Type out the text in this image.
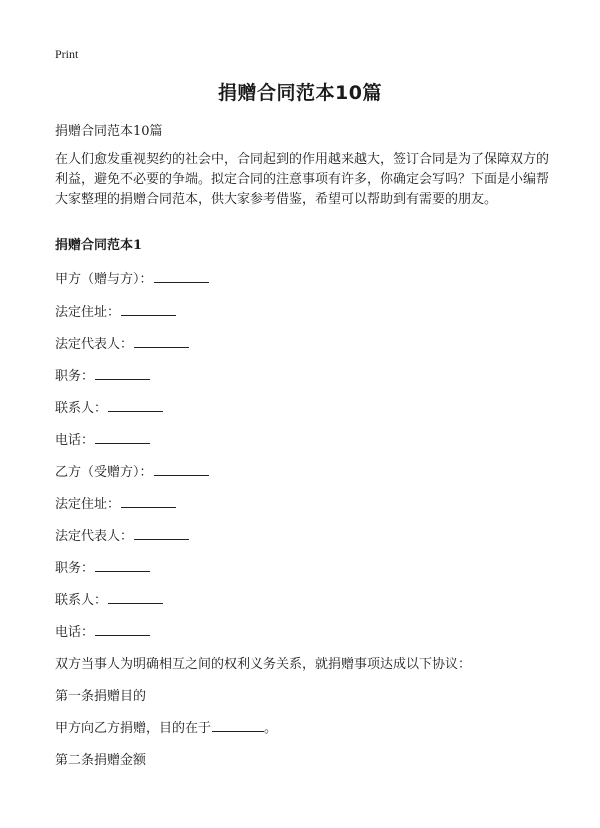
Print
捐赠合同范本10篇
捐赠合同范本10篇
在人们愈发重视契约的社会中，合同起到的作用越来越大，签订合同是为了保障双方的利益，避免不必要的争端。拟定合同的注意事项有许多，你确定会写吗？下面是小编帮大家整理的捐赠合同范本，供大家参考借鉴，希望可以帮助到有需要的朋友。
捐赠合同范本1
甲方（赠与方）：
法定住址：
法定代表人：
职务：
联系人：
电话：
乙方（受赠方）：
法定住址：
法定代表人：
职务：
联系人：
电话：
双方当事人为明确相互之间的权利义务关系，就捐赠事项达成以下协议：
第一条捐赠目的
甲方向乙方捐赠，目的在于	。
第二条捐赠金额
